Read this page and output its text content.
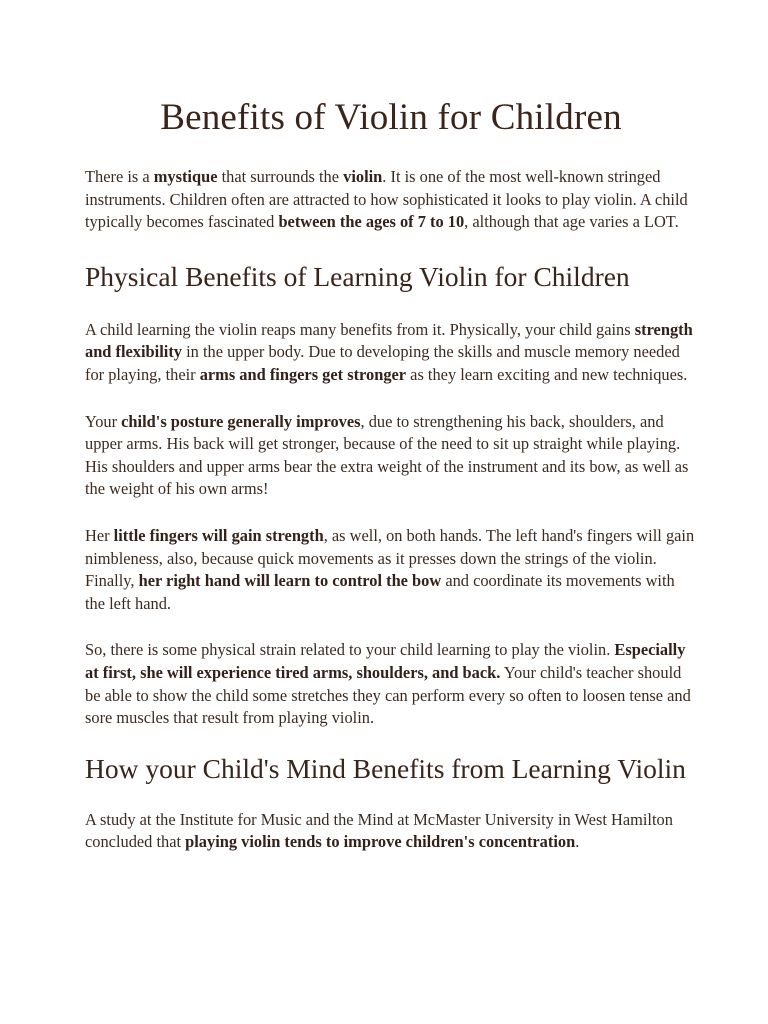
Benefits of Violin for Children

There is a mystique that surrounds the violin. It is one of the most well-known stringed instruments. Children often are attracted to how sophisticated it looks to play violin. A child typically becomes fascinated between the ages of 7 to 10, although that age varies a LOT.

Physical Benefits of Learning Violin for Children

A child learning the violin reaps many benefits from it. Physically, your child gains strength and flexibility in the upper body. Due to developing the skills and muscle memory needed for playing, their arms and fingers get stronger as they learn exciting and new techniques.

Your child's posture generally improves, due to strengthening his back, shoulders, and upper arms. His back will get stronger, because of the need to sit up straight while playing. His shoulders and upper arms bear the extra weight of the instrument and its bow, as well as the weight of his own arms!

Her little fingers will gain strength, as well, on both hands. The left hand's fingers will gain nimbleness, also, because quick movements as it presses down the strings of the violin. Finally, her right hand will learn to control the bow and coordinate its movements with the left hand.

So, there is some physical strain related to your child learning to play the violin. Especially at first, she will experience tired arms, shoulders, and back. Your child's teacher should be able to show the child some stretches they can perform every so often to loosen tense and sore muscles that result from playing violin.

How your Child's Mind Benefits from Learning Violin

A study at the Institute for Music and the Mind at McMaster University in West Hamilton concluded that playing violin tends to improve children's concentration.
